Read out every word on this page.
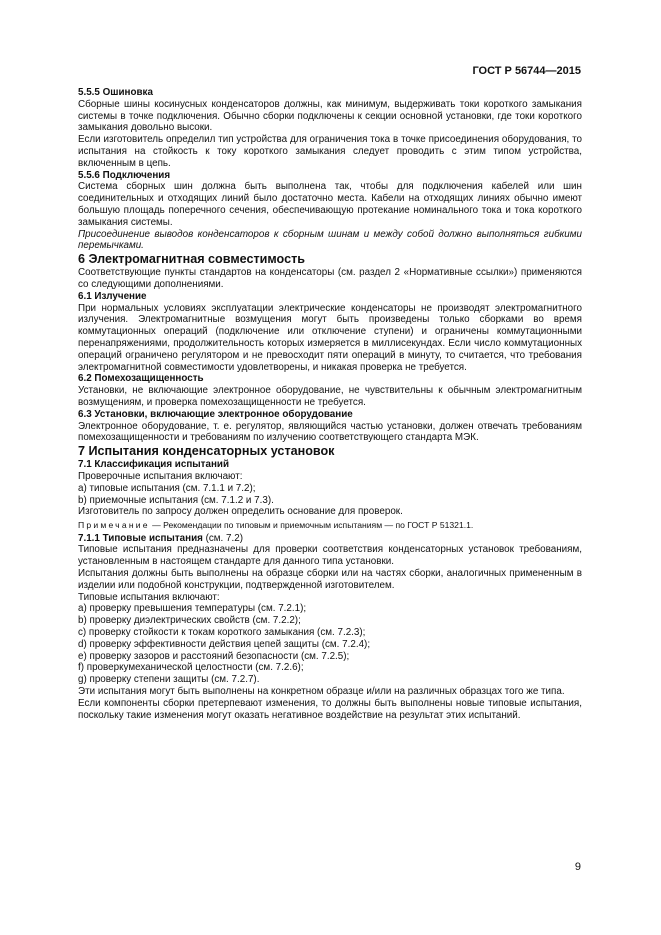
ГОСТ Р 56744—2015

5.5.5 Ошиновка

Сборные шины косинусных конденсаторов должны, как минимум, выдерживать токи короткого замыкания системы в точке подключения. Обычно сборки подключены к секции основной установки, где токи короткого замыкания довольно высоки.

Если изготовитель определил тип устройства для ограничения тока в точке присоединения оборудования, то испытания на стойкость к току короткого замыкания следует проводить с этим типом устройства, включенным в цепь.

5.5.6 Подключения

Система сборных шин должна быть выполнена так, чтобы для подключения кабелей или шин соединительных и отходящих линий было достаточно места. Кабели на отходящих линиях обычно имеют большую площадь поперечного сечения, обеспечивающую протекание номинального тока и тока короткого замыкания системы.

Присоединение выводов конденсаторов к сборным шинам и между собой должно выполняться гибкими перемычками.

6 Электромагнитная совместимость

Соответствующие пункты стандартов на конденсаторы (см. раздел 2 «Нормативные ссылки») применяются со следующими дополнениями.

6.1 Излучение

При нормальных условиях эксплуатации электрические конденсаторы не производят электромагнитного излучения. Электромагнитные возмущения могут быть произведены только сборками во время коммутационных операций (подключение или отключение ступени) и ограничены коммутационными перенапряжениями, продолжительность которых измеряется в миллисекундах. Если число коммутационных операций ограничено регулятором и не превосходит пяти операций в минуту, то считается, что требования электромагнитной совместимости удовлетворены, и никакая проверка не требуется.

6.2 Помехозащищенность

Установки, не включающие электронное оборудование, не чувствительны к обычным электромагнитным возмущениям, и проверка помехозащищенности не требуется.

6.3 Установки, включающие электронное оборудование

Электронное оборудование, т. е. регулятор, являющийся частью установки, должен отвечать требованиям помехозащищенности и требованиям по излучению соответствующего стандарта МЭК.

7 Испытания конденсаторных установок

7.1 Классификация испытаний

Проверочные испытания включают:

a) типовые испытания (см. 7.1.1 и 7.2);

b) приемочные испытания (см. 7.1.2 и 7.3).

Изготовитель по запросу должен определить основание для проверок.

Примечание — Рекомендации по типовым и приемочным испытаниям — по ГОСТ Р 51321.1.

7.1.1 Типовые испытания (см. 7.2)

Типовые испытания предназначены для проверки соответствия конденсаторных установок требованиям, установленным в настоящем стандарте для данного типа установки.

Испытания должны быть выполнены на образце сборки или на частях сборки, аналогичных примененным в изделии или подобной конструкции, подтвержденной изготовителем.

Типовые испытания включают:

a) проверку превышения температуры (см. 7.2.1);

b) проверку диэлектрических свойств (см. 7.2.2);

c) проверку стойкости к токам короткого замыкания (см. 7.2.3);

d) проверку эффективности действия цепей защиты (см. 7.2.4);

e) проверку зазоров и расстояний безопасности (см. 7.2.5);

f) проверкумеханической целостности (см. 7.2.6);

g) проверку степени защиты (см. 7.2.7).

Эти испытания могут быть выполнены на конкретном образце и/или на различных образцах того же типа.

Если компоненты сборки претерпевают изменения, то должны быть выполнены новые типовые испытания, поскольку такие изменения могут оказать негативное воздействие на результат этих испытаний.

9
